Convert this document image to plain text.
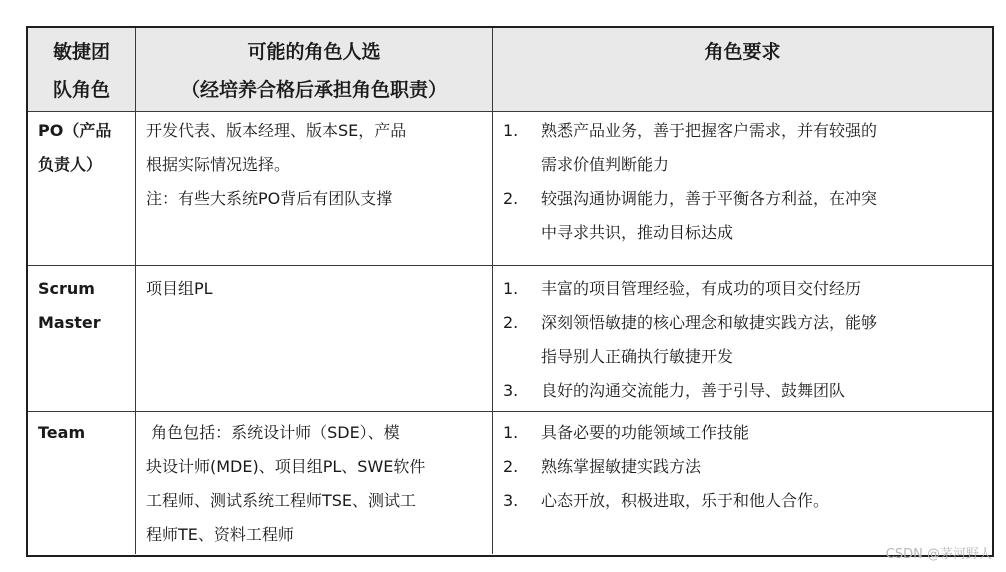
敏捷团
队角色
可能的角色人选
（经培养合格后承担角色职责）
角色要求
PO（产品
负责人）
开发代表、版本经理、版本SE，产品
根据实际情况选择。
注：有些大系统PO背后有团队支撑
1. 熟悉产品业务，善于把握客户需求，并有较强的
需求价值判断能力
2. 较强沟通协调能力，善于平衡各方利益，在冲突
中寻求共识，推动目标达成
Scrum
Master
项目组PL	1. 丰富的项目管理经验，有成功的项目交付经历
2. 深刻领悟敏捷的核心理念和敏捷实践方法，能够
指导别人正确执行敏捷开发
3. 良好的沟通交流能力，善于引导、鼓舞团队
Team	角色包括：系统设计师（SDE）、模
块设计师(MDE)、项目组PL、SWE软件
工程师、测试系统工程师TSE、测试工
程师TE、资料工程师
1. 具备必要的功能领域工作技能
2. 熟练掌握敏捷实践方法
3. 心态开放，积极进取，乐于和他人合作。
CSDN @茅河野人
